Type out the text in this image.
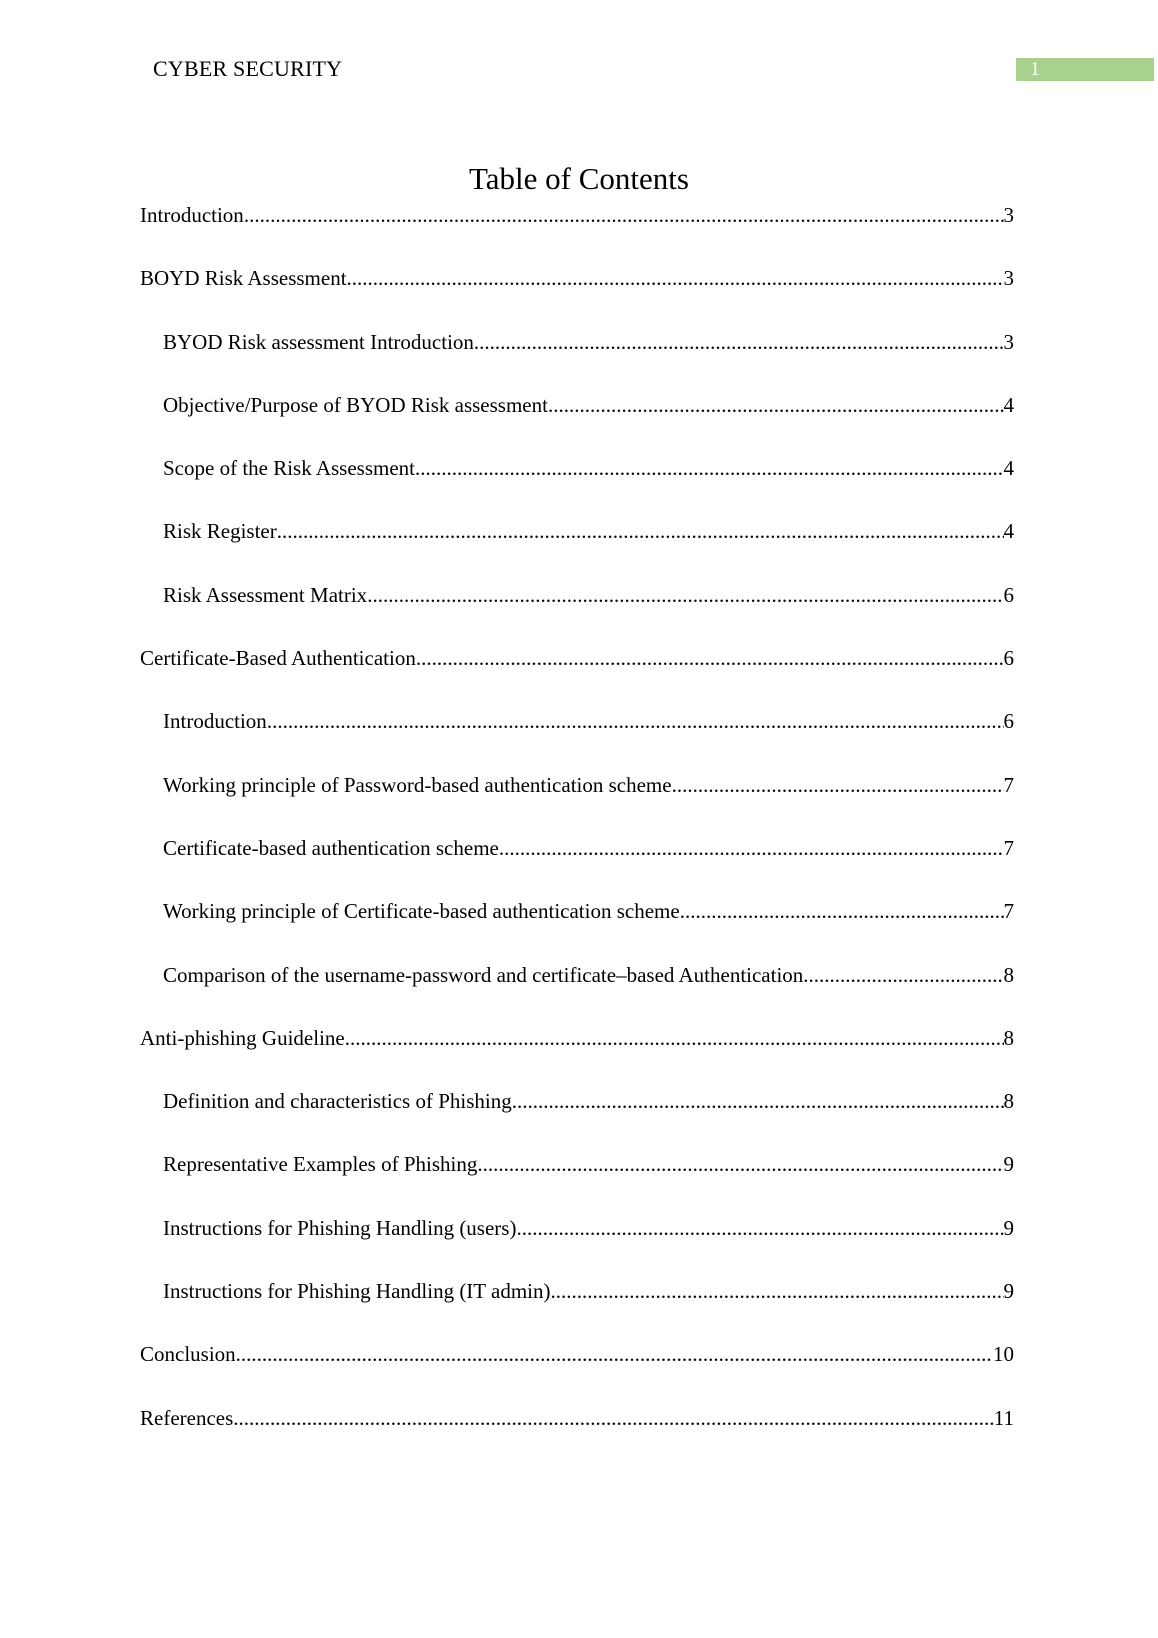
CYBER SECURITY	1
Table of Contents
Introduction .....	3
BOYD Risk Assessment .....	3
BYOD Risk assessment Introduction .....	3
Objective/Purpose of BYOD Risk assessment .....	4
Scope of the Risk Assessment .....	4
Risk Register .....	4
Risk Assessment Matrix .....	6
Certificate-Based Authentication .....	6
Introduction .....	6
Working principle of Password-based authentication scheme .....	7
Certificate-based authentication scheme .....	7
Working principle of Certificate-based authentication scheme .....	7
Comparison of the username-password and certificate–based Authentication .....	8
Anti-phishing Guideline .....	8
Definition and characteristics of Phishing .....	8
Representative Examples of Phishing .....	9
Instructions for Phishing Handling (users) .....	9
Instructions for Phishing Handling (IT admin) .....	9
Conclusion .....	10
References .....	11
